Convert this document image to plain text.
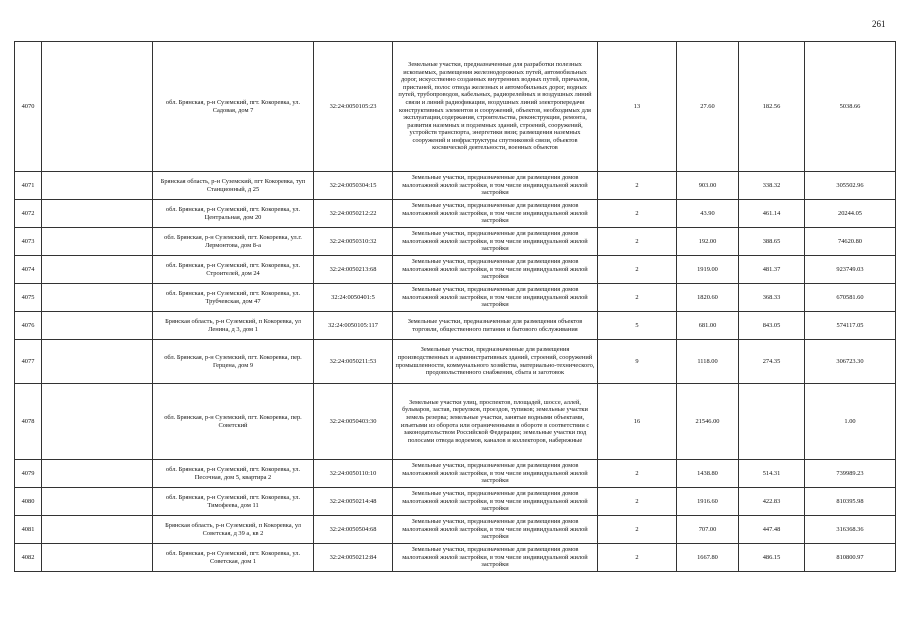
261
4070		обл. Брянская, р-н Суземский, пгт. Кокоревка, ул. Садовая, дом 7	32:24:0050105:23	Земельные участки, предназначенные для разработки полезных ископаемых, размещения железнодорожных путей, автомобильных дорог, искусственно созданных внутренних водных путей, причалов, пристаней, полос отвода железных и автомобильных дорог, водных путей, трубопроводов, кабельных, радиорелейных и воздушных линий связи и линий радиофикации, воздушных линий электропередачи конструктивных элементов и сооружений, объектов, необходимых для эксплуатации,содержания, строительства, реконструкции, ремонта, развития наземных и подземных зданий, строений, сооружений, устройств транспорта, энергетики вязи; размещения наземных сооружений и инфраструктуры спутниковой связи, объектов космической деятельности, военных объектов	13	27.60	182.56	5038.66
4071		Брянская область, р-н Суземский, пгт Кокоревка, туп Станционный, д 25	32:24:0050304:15	Земельные участки, предназначенные для размещения домов малоэтажной жилой застройки, в том числе индивидуальной жилой застройки	2	903.00	338.32	305502.96
4072		обл. Брянская, р-н Суземский, пгт. Кокоревка, ул. Центральная, дом 20	32:24:0050212:22	Земельные участки, предназначенные для размещения домов малоэтажной жилой застройки, в том числе индивидуальной жилой застройки	2	43.90	461.14	20244.05
4073		обл. Брянская, р-н Суземский, пгт. Кокоревка, ул.г. Лермонтова, дом 8-а	32:24:0050310:32	Земельные участки, предназначенные для размещения домов малоэтажной жилой застройки, в том числе индивидуальной жилой застройки	2	192.00	388.65	74620.80
4074		обл. Брянская, р-н Суземский, пгт. Кокоревка, ул. Строителей, дом 24	32:24:0050213:68	Земельные участки, предназначенные для размещения домов малоэтажной жилой застройки, в том числе индивидуальной жилой застройки	2	1919.00	481.37	923749.03
4075		обл. Брянская, р-н Суземский, пгт. Кокоревка, ул. Трубчевская, дом 47	32:24:0050401:5	Земельные участки, предназначенные для размещения домов малоэтажной жилой застройки, в том числе индивидуальной жилой застройки	2	1820.60	368.33	670581.60
4076		Брянская область, р-н Суземский, п Кокоревка, ул Ленина, д 3, дом 1	32:24:0050105:117	Земельные участки, предназначенные для размещения объектов торговли, общественного питания и бытового обслуживания	5	681.00	843.05	574117.05
4077		обл. Брянская, р-н Суземский, пгт. Кокоревка, пер. Герцена, дом 9	32:24:0050211:53	Земельные участки, предназначенные для размещения производственных и административных зданий, строений, сооружений промышленности, коммунального хозяйства, материально-технического, продовольственного снабжения, сбыта и заготовок	9	1118.00	274.35	306723.30
4078		обл. Брянская, р-н Суземский, пгт. Кокоревка, пер. Советский	32:24:0050403:30	Земельные участки улиц, проспектов, площадей, шоссе, аллей, бульваров, застав, переулков, проездов, тупиков; земельные участки земель резерва; земельные участки, занятые водными объектами, изъятыми из оборота или ограниченными в обороте в соответствии с законодательством Российской Федерации; земельные участки под полосами отвода водоемов, каналов и коллекторов, набережные	16	21546.00		1.00
4079		обл. Брянская, р-н Суземский, пгт. Кокоревка, ул. Песочная, дом 5, квартира 2	32:24:0050110:10	Земельные участки, предназначенные для размещения домов малоэтажной жилой застройки, в том числе индивидуальной жилой застройки	2	1438.80	514.31	739989.23
4080		обл. Брянская, р-н Суземский, пгт. Кокоревка, ул. Тимофеева, дом 11	32:24:0050214:48	Земельные участки, предназначенные для размещения домов малоэтажной жилой застройки, в том числе индивидуальной жилой застройки	2	1916.60	422.83	810395.98
4081		Брянская область, р-н Суземский, п Кокоревка, ул Советская, д 39 а, кв 2	32:24:0050504:68	Земельные участки, предназначенные для размещения домов малоэтажной жилой застройки, в том числе индивидуальной жилой застройки	2	707.00	447.48	316368.36
4082		обл. Брянская, р-н Суземский, пгт. Кокоревка, ул. Советская, дом 1	32:24:0050212:84	Земельные участки, предназначенные для размещения домов малоэтажной жилой застройки, в том числе индивидуальной жилой застройки	2	1667.80	486.15	810800.97
